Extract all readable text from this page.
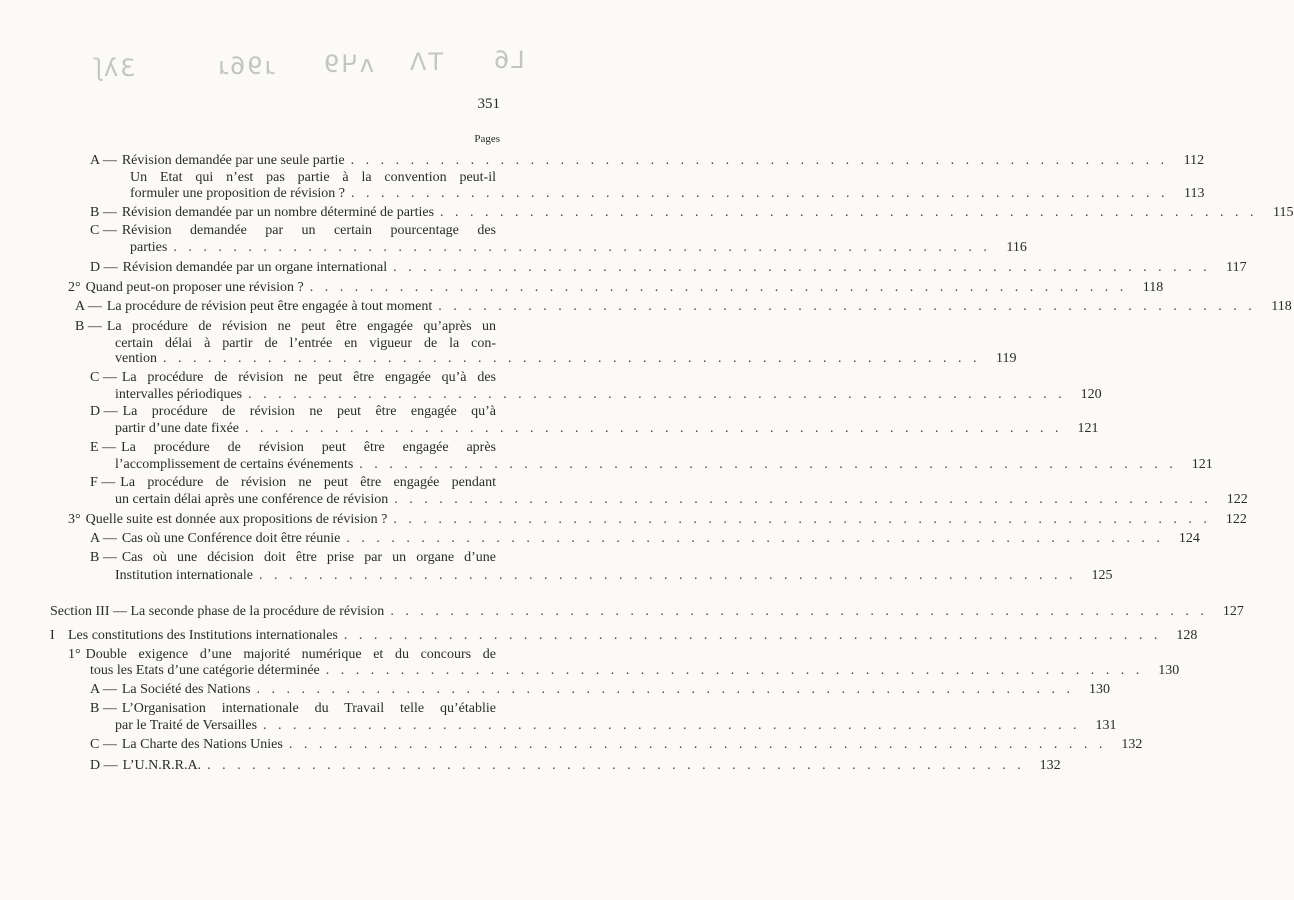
3λʃ	ɹ96ɹ ʌЧ9 TΛ L6
351
Pages
A — Révision demandée par une seule partie . . .	112
Un Etat qui n’est pas partie à la convention peut-il
formuler une proposition de révision ? . . .	113
B — Révision demandée par un nombre déterminé de parties . . .	115
C — Révision demandée par un certain pourcentage des
parties . . .	116
D — Révision demandée par un organe international . . .	117
2° Quand peut-on proposer une révision ? . . .	118
A — La procédure de révision peut être engagée à tout moment . . .	118
B — La procédure de révision ne peut être engagée qu’après un
certain délai à partir de l’entrée en vigueur de la con-
vention . . .	119
C — La procédure de révision ne peut être engagée qu’à des
intervalles périodiques . . .	120
D — La procédure de révision ne peut être engagée qu’à
partir d’une date fixée . . .	121
E — La procédure de révision peut être engagée après
l’accomplissement de certains événements . . .	121
F — La procédure de révision ne peut être engagée pendant
un certain délai après une conférence de révision . . .	122
3° Quelle suite est donnée aux propositions de révision ? . . .	122
A — Cas où une Conférence doit être réunie . . .	124
B — Cas où une décision doit être prise par un organe d’une
Institution internationale . . .	125
Section III — La seconde phase de la procédure de révision . . .	127
I Les constitutions des Institutions internationales . . .	128
1° Double exigence d’une majorité numérique et du concours de
tous les Etats d’une catégorie déterminée . . .	130
A — La Société des Nations . . .	130
B — L’Organisation internationale du Travail telle qu’établie
par le Traité de Versailles . . .	131
C — La Charte des Nations Unies . . .	132
D — L’U.N.R.R.A. . . .	132
